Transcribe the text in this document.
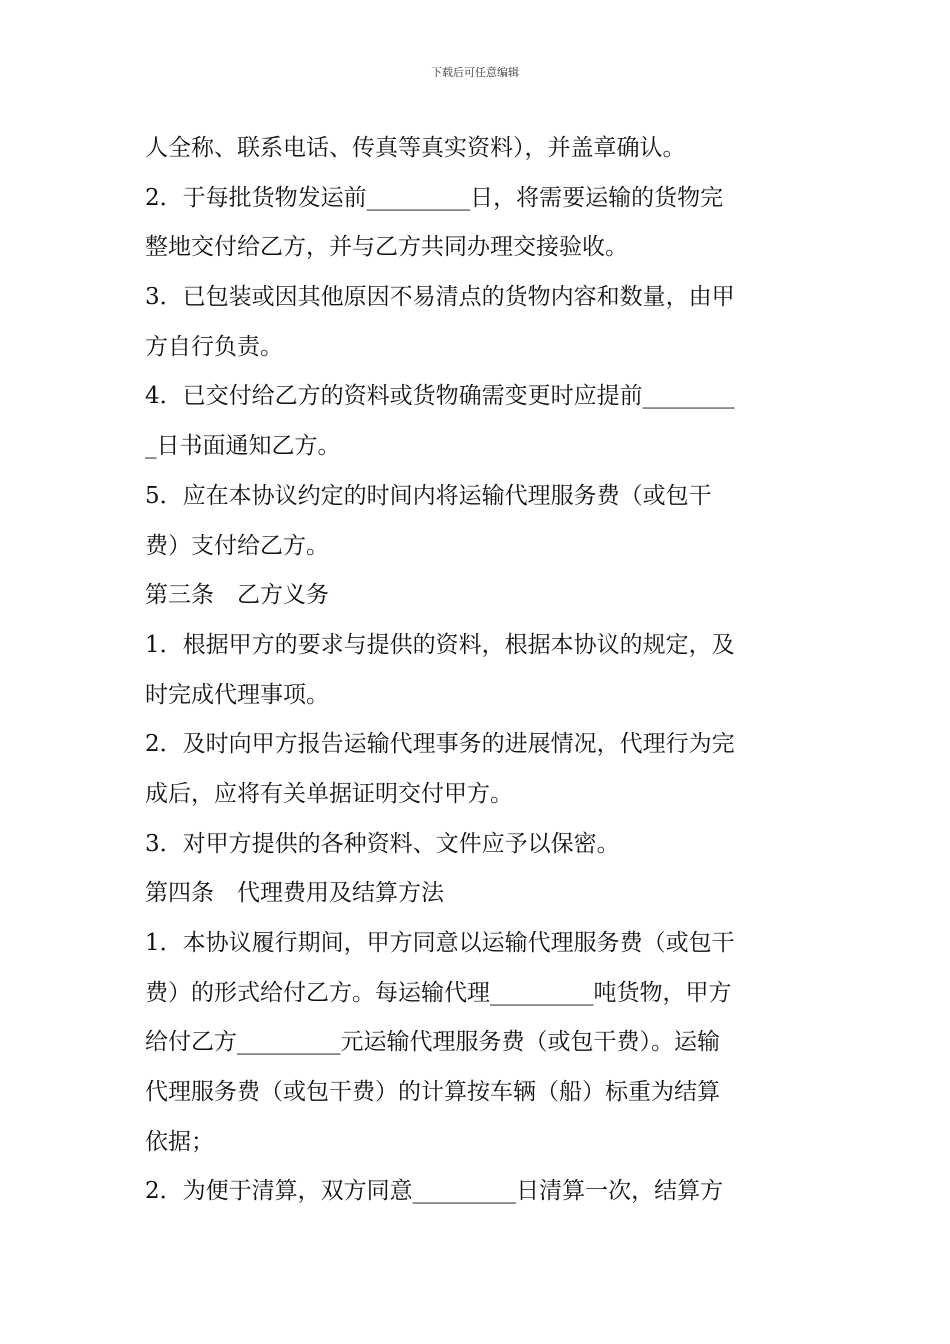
下载后可任意编辑
人全称、联系电话、传真等真实资料），并盖章确认。
2．于每批货物发运前_________日，将需要运输的货物完
整地交付给乙方，并与乙方共同办理交接验收。
3．已包装或因其他原因不易清点的货物内容和数量，由甲
方自行负责。
4．已交付给乙方的资料或货物确需变更时应提前________
_日书面通知乙方。
5．应在本协议约定的时间内将运输代理服务费（或包干
费）支付给乙方。
第三条　乙方义务
1．根据甲方的要求与提供的资料，根据本协议的规定，及
时完成代理事项。
2．及时向甲方报告运输代理事务的进展情况，代理行为完
成后，应将有关单据证明交付甲方。
3．对甲方提供的各种资料、文件应予以保密。
第四条　代理费用及结算方法
1．本协议履行期间，甲方同意以运输代理服务费（或包干
费）的形式给付乙方。每运输代理_________吨货物，甲方
给付乙方_________元运输代理服务费（或包干费）。运输
代理服务费（或包干费）的计算按车辆（船）标重为结算
依据；
2．为便于清算，双方同意_________日清算一次，结算方
